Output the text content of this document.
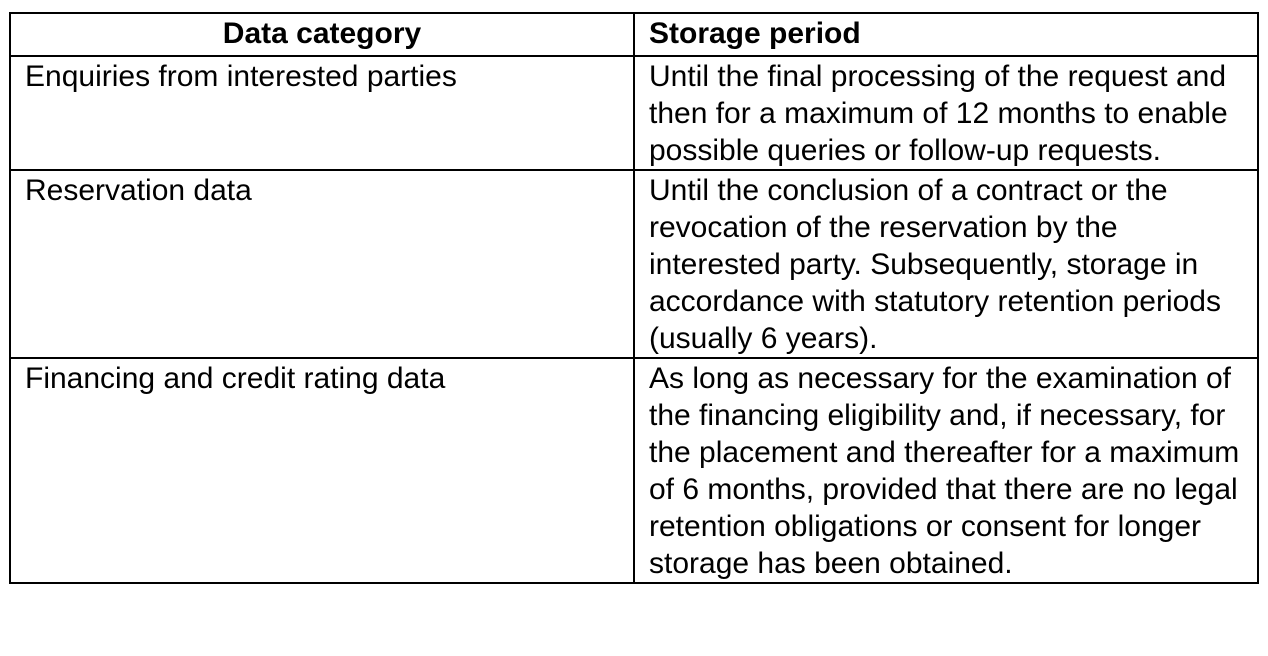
Data category	Storage period
Enquiries from interested parties	Until the final processing of the request and then for a maximum of 12 months to enable possible queries or follow-up requests.
Reservation data	Until the conclusion of a contract or the revocation of the reservation by the interested party. Subsequently, storage in accordance with statutory retention periods (usually 6 years).
Financing and credit rating data	As long as necessary for the examination of the financing eligibility and, if necessary, for the placement and thereafter for a maximum of 6 months, provided that there are no legal retention obligations or consent for longer storage has been obtained.
